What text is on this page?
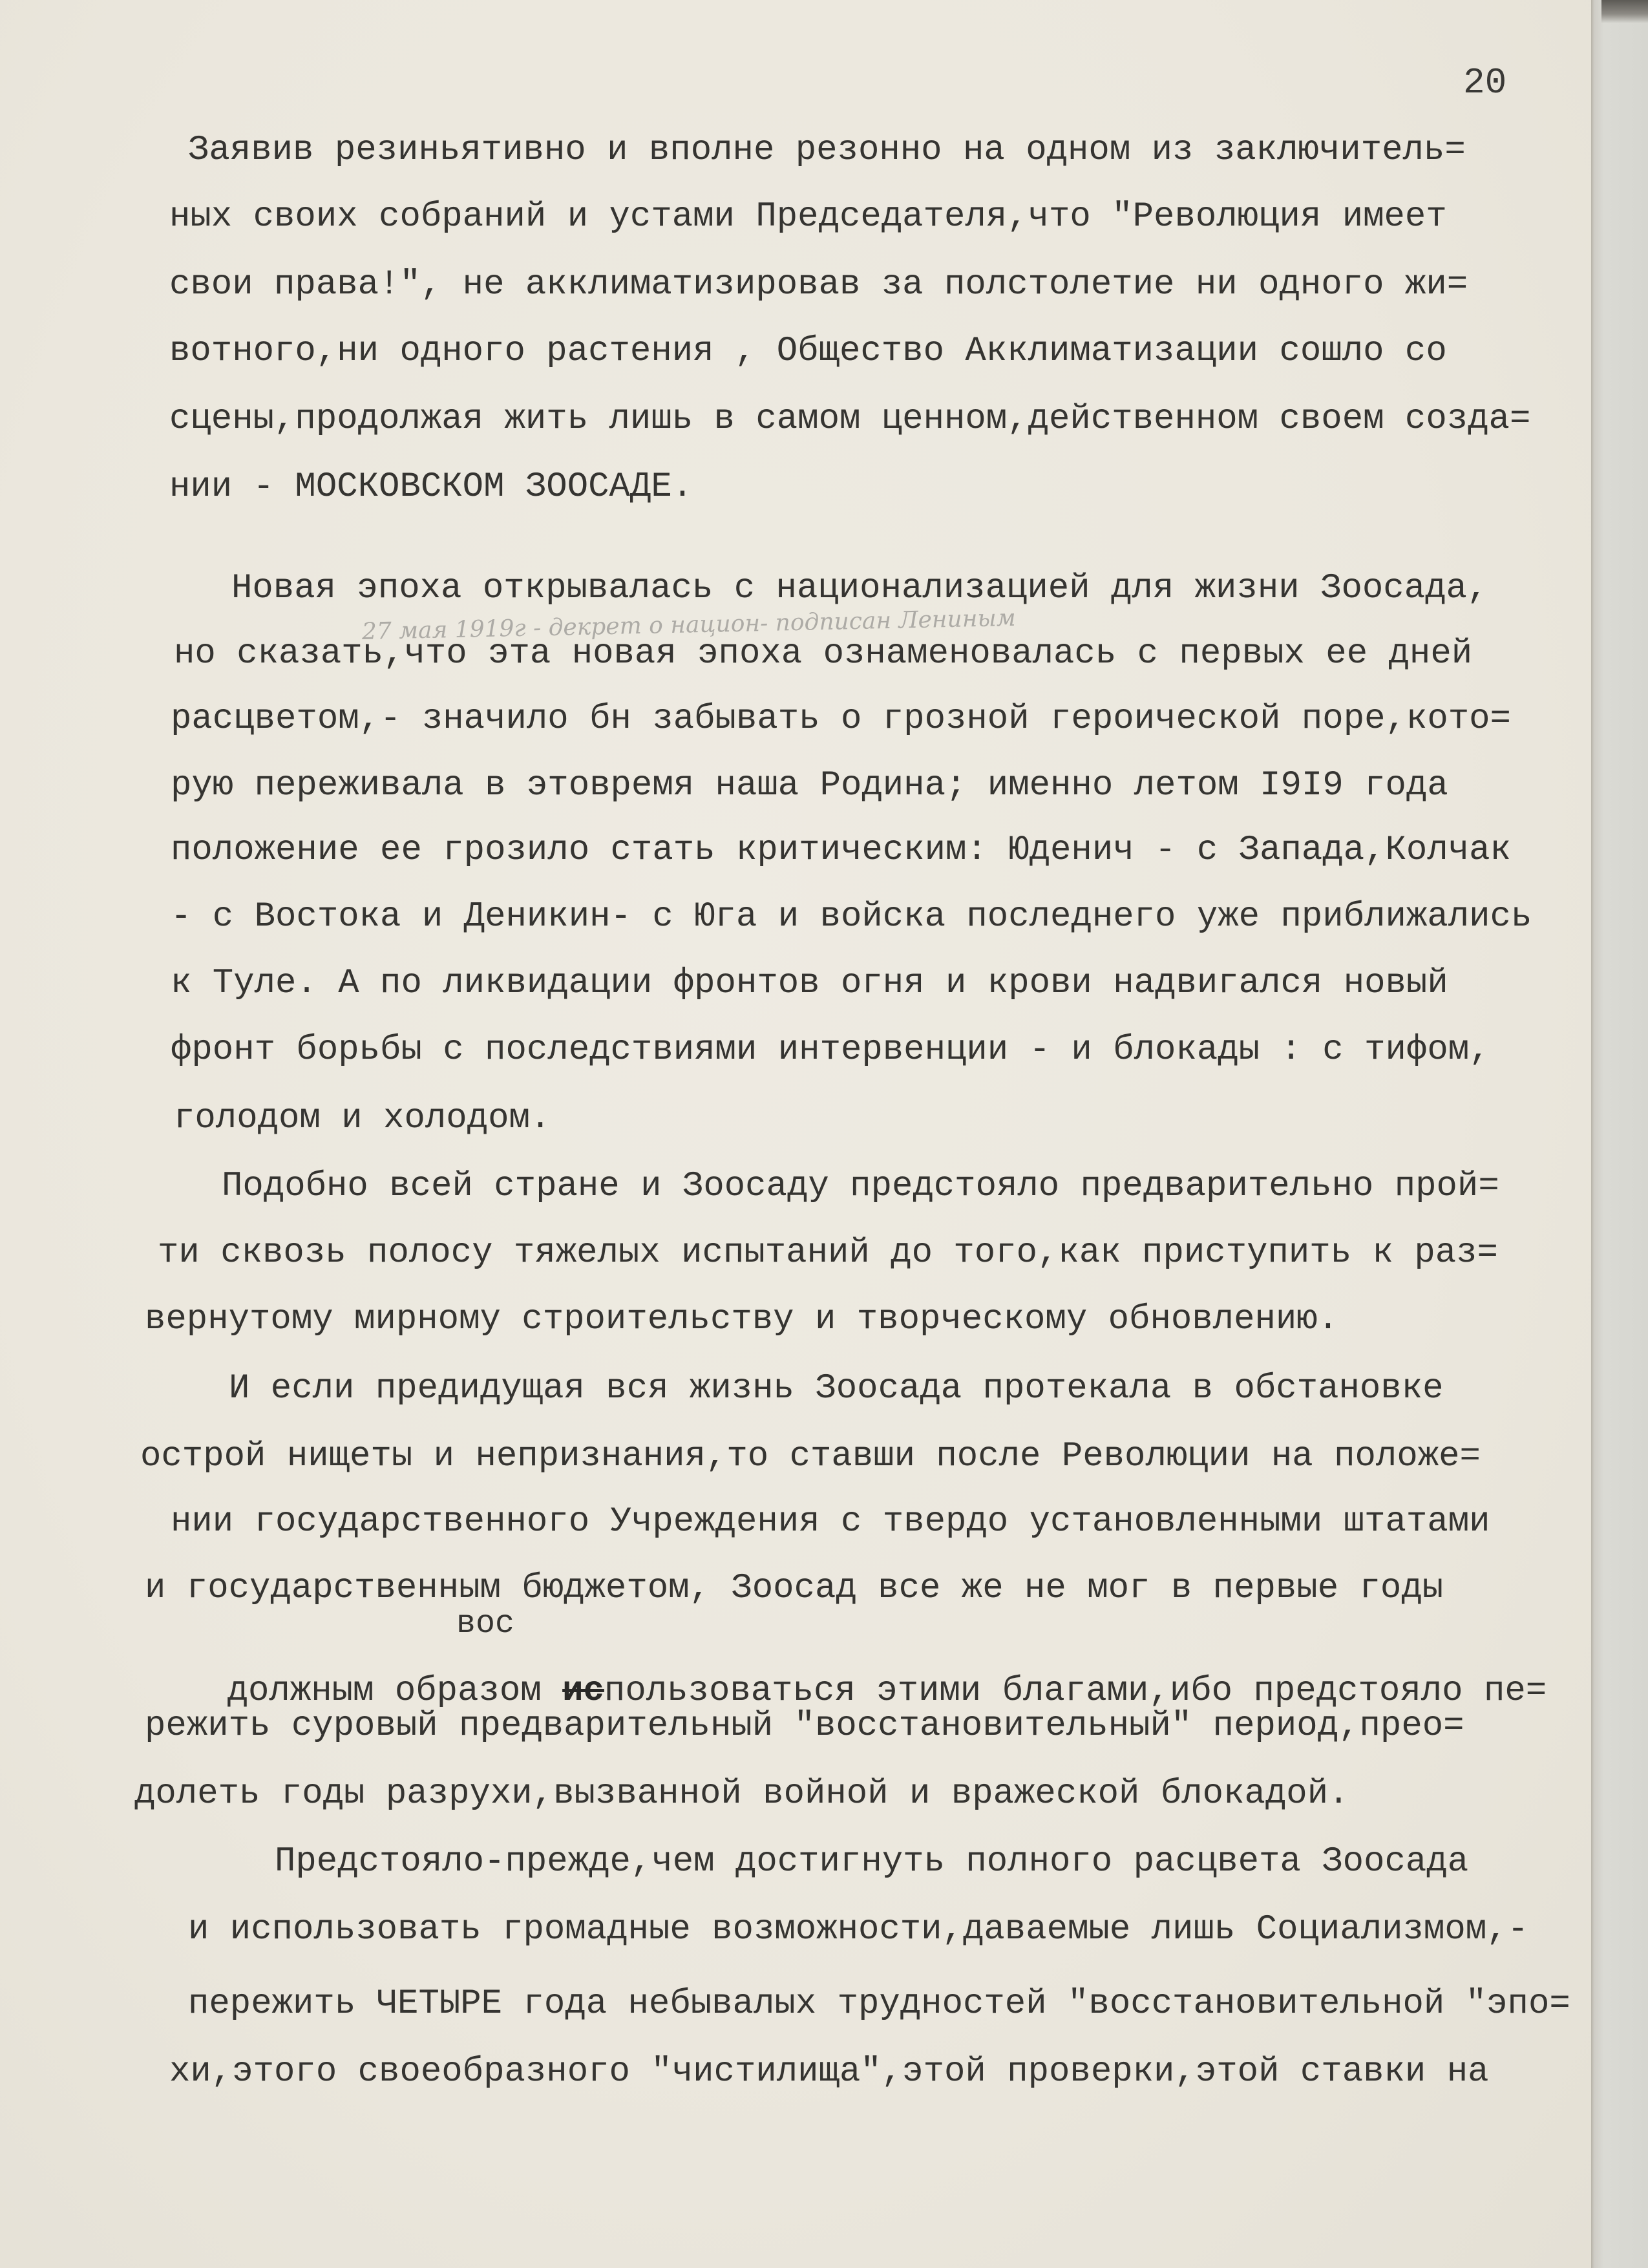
20
Заявив резиньятивно и вполне резонно на одном из заключитель=
ных своих собраний и устами Председателя,что "Революция имеет
свои права!", не акклиматизировав за полстолетие ни одного жи=
вотного,ни одного растения , Общество Акклиматизации сошло со
сцены,продолжая жить лишь в самом ценном,действенном своем созда=
нии - МОСКОВСКОМ ЗООСАДЕ.
Новая эпоха открывалась с национализацией для жизни Зоосада,
27 мая 1919г - декрет о национ- подписан Лениным
но сказать,что эта новая эпоха ознаменовалась с первых ее дней
расцветом,- значило бн забывать о грозной героической поре,кото=
рую переживала в этовремя наша Родина; именно летом I9I9 года
положение ее грозило стать критическим: Юденич - с Запада,Колчак
- с Востока и Деникин- с Юга и войска последнего уже приближались
к Туле. А по ликвидации фронтов огня и крови надвигался новый
фронт борьбы с последствиями интервенции - и блокады : с тифом,
голодом и холодом.
Подобно всей стране и Зоосаду предстояло предварительно прой=
ти сквозь полосу тяжелых испытаний до того,как приступить к раз=
вернутому мирному строительству и творческому обновлению.
И если предидущая вся жизнь Зоосада протекала в обстановке
острой нищеты и непризнания,то ставши после Революции на положе=
нии государственного Учреждения с твердо установленными штатами
и государственным бюджетом, Зоосад все же не мог в первые годы
вос

должным образом использоваться этими благами,ибо предстояло пе=

режить суровый предварительный "восстановительный" период,прео=
долеть годы разрухи,вызванной войной и вражеской блокадой.
Предстояло-прежде,чем достигнуть полного расцвета Зоосада
и использовать громадные возможности,даваемые лишь Социализмом,-
пережить ЧЕТЫРЕ года небывалых трудностей "восстановительной "эпо=
хи,этого своеобразного "чистилища",этой проверки,этой ставки на
